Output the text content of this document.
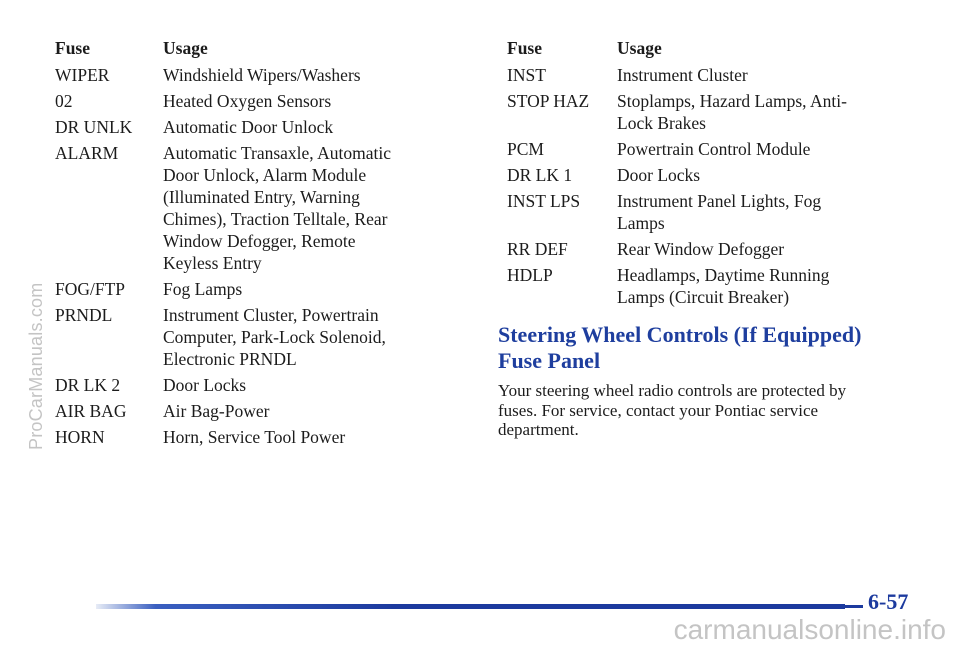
ProCarManuals.com
Fuse	Usage
WIPER	Windshield Wipers/Washers
02	Heated Oxygen Sensors
DR UNLK	Automatic Door Unlock
ALARM	Automatic Transaxle, Automatic Door Unlock, Alarm Module (Illuminated Entry, Warning Chimes), Traction Telltale, Rear Window Defogger, Remote Keyless Entry
FOG/FTP	Fog Lamps
PRNDL	Instrument Cluster, Powertrain Computer, Park-Lock Solenoid, Electronic PRNDL
DR LK 2	Door Locks
AIR BAG	Air Bag-Power
HORN	Horn, Service Tool Power
Fuse	Usage
INST	Instrument Cluster
STOP HAZ	Stoplamps, Hazard Lamps, Anti-Lock Brakes
PCM	Powertrain Control Module
DR LK 1	Door Locks
INST LPS	Instrument Panel Lights, Fog Lamps
RR DEF	Rear Window Defogger
HDLP	Headlamps, Daytime Running Lamps (Circuit Breaker)
Steering Wheel Controls (If Equipped) Fuse Panel
Your steering wheel radio controls are protected by fuses. For service, contact your Pontiac service department.
6-57
carmanualsonline.info
